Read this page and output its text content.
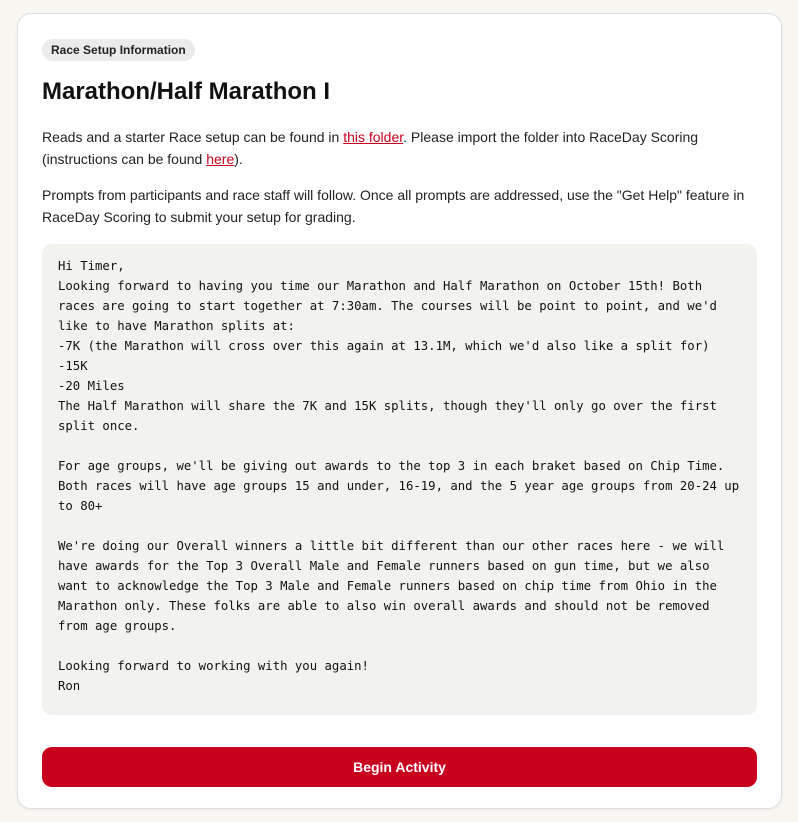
Race Setup Information
Marathon/Half Marathon I

Reads and a starter Race setup can be found in this folder. Please import the folder into RaceDay Scoring (instructions can be found here).

Prompts from participants and race staff will follow. Once all prompts are addressed, use the "Get Help" feature in RaceDay Scoring to submit your setup for grading.

Hi Timer,
Looking forward to having you time our Marathon and Half Marathon on October 15th! Both races are going to start together at 7:30am. The courses will be point to point, and we'd like to have Marathon splits at:
-7K (the Marathon will cross over this again at 13.1M, which we'd also like a split for)
-15K
-20 Miles
The Half Marathon will share the 7K and 15K splits, though they'll only go over the first split once.

For age groups, we'll be giving out awards to the top 3 in each braket based on Chip Time. Both races will have age groups 15 and under, 16-19, and the 5 year age groups from 20-24 up to 80+

We're doing our Overall winners a little bit different than our other races here - we will have awards for the Top 3 Overall Male and Female runners based on gun time, but we also want to acknowledge the Top 3 Male and Female runners based on chip time from Ohio in the Marathon only. These folks are able to also win overall awards and should not be removed from age groups.

Looking forward to working with you again!
Ron
Begin Activity
